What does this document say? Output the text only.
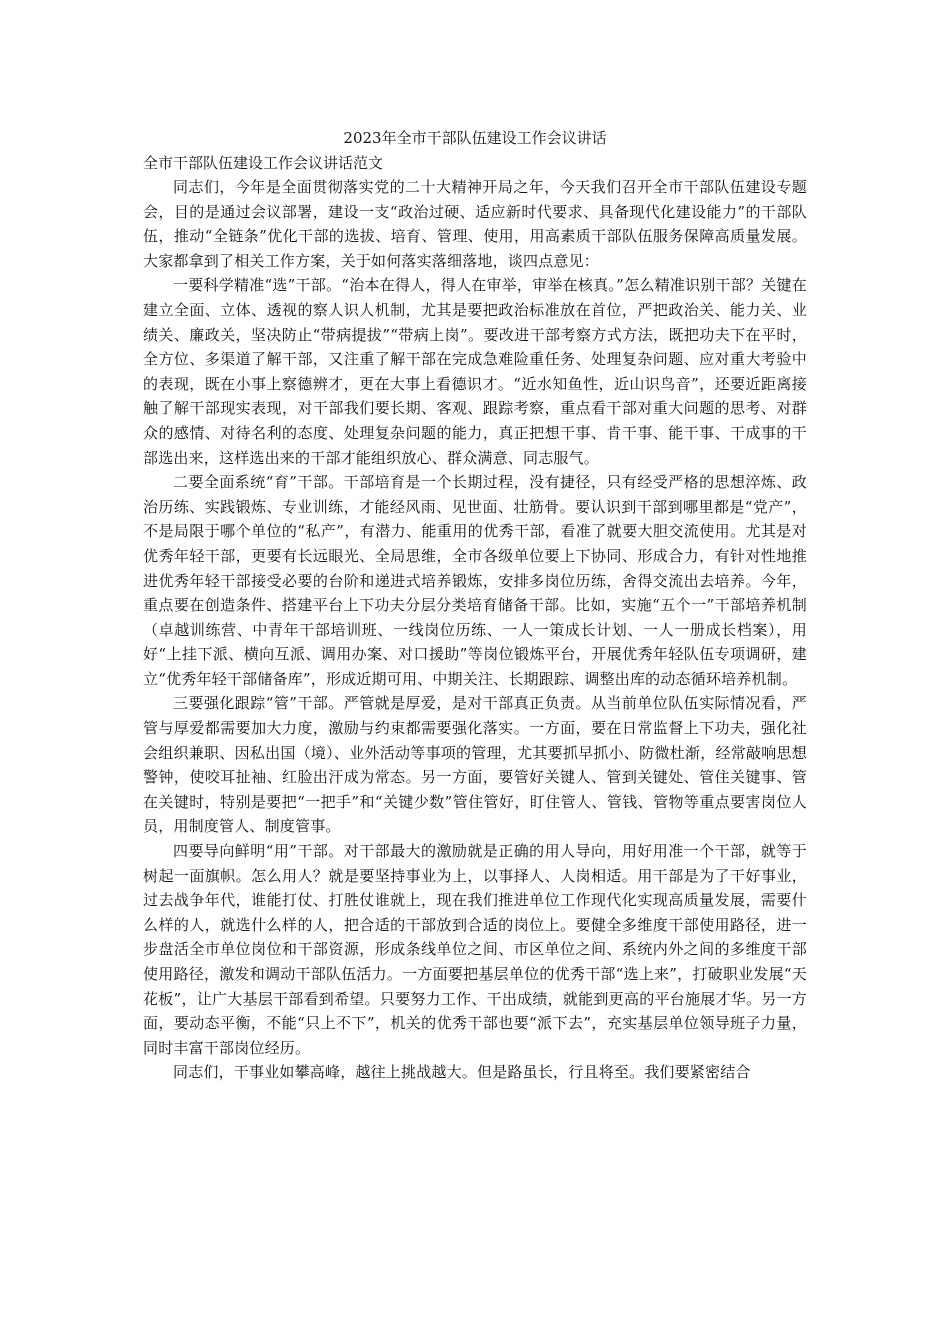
2023年全市干部队伍建设工作会议讲话

全市干部队伍建设工作会议讲话范文

同志们，今年是全面贯彻落实党的二十大精神开局之年，今天我们召开全市干部队伍建设专题会，目的是通过会议部署，建设一支“政治过硬、适应新时代要求、具备现代化建设能力”的干部队伍，推动“全链条”优化干部的选拔、培育、管理、使用，用高素质干部队伍服务保障高质量发展。大家都拿到了相关工作方案，关于如何落实落细落地，谈四点意见：

一要科学精准“选”干部。“治本在得人，得人在审举，审举在核真。”怎么精准识别干部？关键在建立全面、立体、透视的察人识人机制，尤其是要把政治标准放在首位，严把政治关、能力关、业绩关、廉政关，坚决防止“带病提拔”“带病上岗”。要改进干部考察方式方法，既把功夫下在平时，全方位、多渠道了解干部，又注重了解干部在完成急难险重任务、处理复杂问题、应对重大考验中的表现，既在小事上察德辨才，更在大事上看德识才。“近水知鱼性，近山识鸟音”，还要近距离接触了解干部现实表现，对干部我们要长期、客观、跟踪考察，重点看干部对重大问题的思考、对群众的感情、对待名利的态度、处理复杂问题的能力，真正把想干事、肯干事、能干事、干成事的干部选出来，这样选出来的干部才能组织放心、群众满意、同志服气。

二要全面系统“育”干部。干部培育是一个长期过程，没有捷径，只有经受严格的思想淬炼、政治历练、实践锻炼、专业训练，才能经风雨、见世面、壮筋骨。要认识到干部到哪里都是“党产”，不是局限于哪个单位的“私产”，有潜力、能重用的优秀干部，看准了就要大胆交流使用。尤其是对优秀年轻干部，更要有长远眼光、全局思维，全市各级单位要上下协同、形成合力，有针对性地推进优秀年轻干部接受必要的台阶和递进式培养锻炼，安排多岗位历练，舍得交流出去培养。今年，重点要在创造条件、搭建平台上下功夫分层分类培育储备干部。比如，实施“五个一”干部培养机制（卓越训练营、中青年干部培训班、一线岗位历练、一人一策成长计划、一人一册成长档案），用好“上挂下派、横向互派、调用办案、对口援助”等岗位锻炼平台，开展优秀年轻队伍专项调研，建立“优秀年轻干部储备库”，形成近期可用、中期关注、长期跟踪、调整出库的动态循环培养机制。

三要强化跟踪“管”干部。严管就是厚爱，是对干部真正负责。从当前单位队伍实际情况看，严管与厚爱都需要加大力度，激励与约束都需要强化落实。一方面，要在日常监督上下功夫，强化社会组织兼职、因私出国（境）、业外活动等事项的管理，尤其要抓早抓小、防微杜渐，经常敲响思想警钟，使咬耳扯袖、红脸出汗成为常态。另一方面，要管好关键人、管到关键处、管住关键事、管在关键时，特别是要把“一把手”和“关键少数”管住管好，盯住管人、管钱、管物等重点要害岗位人员，用制度管人、制度管事。

四要导向鲜明“用”干部。对干部最大的激励就是正确的用人导向，用好用准一个干部，就等于树起一面旗帜。怎么用人？就是要坚持事业为上，以事择人、人岗相适。用干部是为了干好事业，过去战争年代，谁能打仗、打胜仗谁就上，现在我们推进单位工作现代化实现高质量发展，需要什么样的人，就选什么样的人，把合适的干部放到合适的岗位上。要健全多维度干部使用路径，进一步盘活全市单位岗位和干部资源，形成条线单位之间、市区单位之间、系统内外之间的多维度干部使用路径，激发和调动干部队伍活力。一方面要把基层单位的优秀干部“选上来”，打破职业发展“天花板”，让广大基层干部看到希望。只要努力工作、干出成绩，就能到更高的平台施展才华。另一方面，要动态平衡，不能“只上不下”，机关的优秀干部也要“派下去”，充实基层单位领导班子力量，同时丰富干部岗位经历。

同志们，干事业如攀高峰，越往上挑战越大。但是路虽长，行且将至。我们要紧密结合
